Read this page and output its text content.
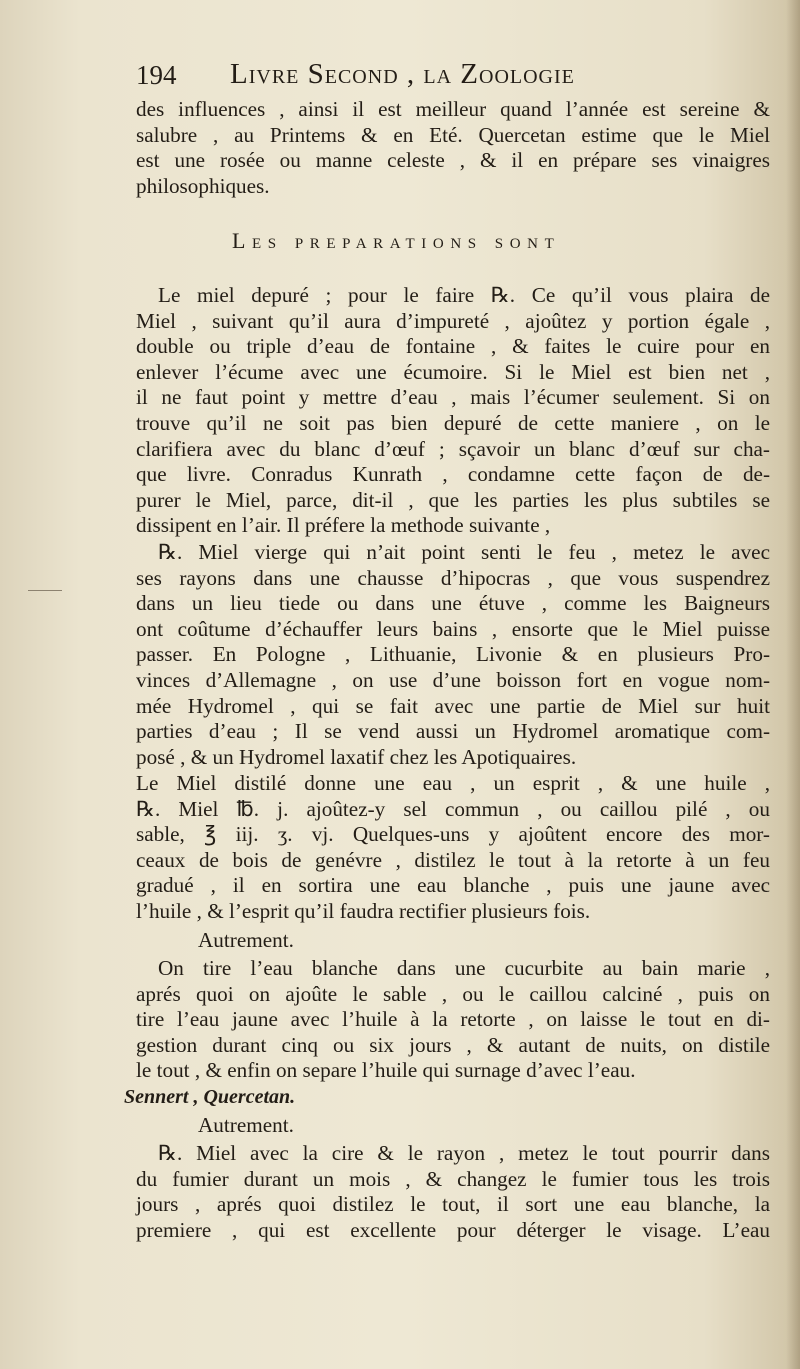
194 Livre Second , la Zoologie
des influences , ainsi il est meilleur quand l’année est sereine &
salubre , au Printems & en Eté. Quercetan estime que le Miel
est une rosée ou manne celeste , & il en prépare ses vinaigres
philosophiques.
Les preparations sont
Le miel depuré ; pour le faire ℞. Ce qu’il vous plaira de
Miel , suivant qu’il aura d’impureté , ajoûtez y portion égale ,
double ou triple d’eau de fontaine , & faites le cuire pour en
enlever l’écume avec une écumoire. Si le Miel est bien net ,
il ne faut point y mettre d’eau , mais l’écumer seulement. Si on
trouve qu’il ne soit pas bien depuré de cette maniere , on le
clarifiera avec du blanc d’œuf ; sçavoir un blanc d’œuf sur cha-
que livre. Conradus Kunrath , condamne cette façon de de-
purer le Miel, parce, dit-il , que les parties les plus subtiles se
dissipent en l’air. Il préfere la methode suivante ,
℞. Miel vierge qui n’ait point senti le feu , metez le avec
ses rayons dans une chausse d’hipocras , que vous suspendrez
dans un lieu tiede ou dans une étuve , comme les Baigneurs
ont coûtume d’échauffer leurs bains , ensorte que le Miel puisse
passer. En Pologne , Lithuanie, Livonie & en plusieurs Pro-
vinces d’Allemagne , on use d’une boisson fort en vogue nom-
mée Hydromel , qui se fait avec une partie de Miel sur huit
parties d’eau ; Il se vend aussi un Hydromel aromatique com-
posé , & un Hydromel laxatif chez les Apotiquaires.
Le Miel distilé donne une eau , un esprit , & une huile ,
℞. Miel ℔. j. ajoûtez-y sel commun , ou caillou pilé , ou
sable, ℥ iij. ʒ. vj. Quelques-uns y ajoûtent encore des mor-
ceaux de bois de genévre , distilez le tout à la retorte à un feu
gradué , il en sortira une eau blanche , puis une jaune avec
l’huile , & l’esprit qu’il faudra rectifier plusieurs fois.
Autrement.
On tire l’eau blanche dans une cucurbite au bain marie ,
aprés quoi on ajoûte le sable , ou le caillou calciné , puis on
tire l’eau jaune avec l’huile à la retorte , on laisse le tout en di-
gestion durant cinq ou six jours , & autant de nuits, on distile
le tout , & enfin on separe l’huile qui surnage d’avec l’eau.
Sennert , Quercetan.
Autrement.
℞. Miel avec la cire & le rayon , metez le tout pourrir dans
du fumier durant un mois , & changez le fumier tous les trois
jours , aprés quoi distilez le tout, il sort une eau blanche, la
premiere , qui est excellente pour déterger le visage. L’eau
